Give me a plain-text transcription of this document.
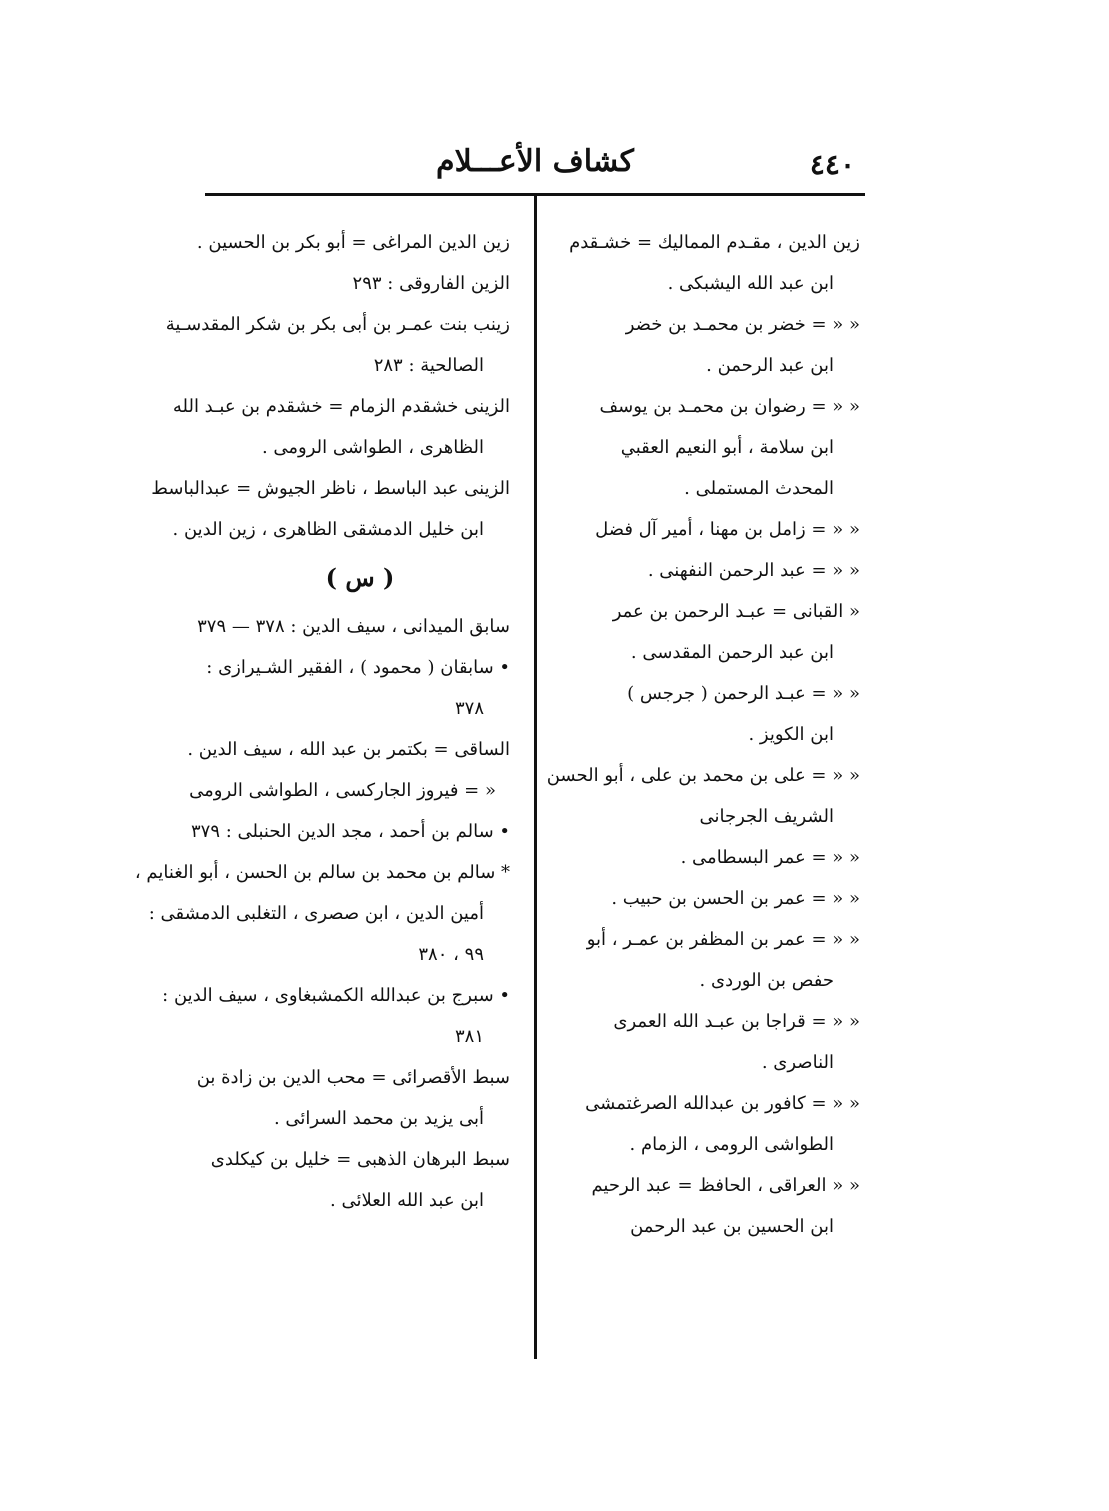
٤٤٠
كشاف الأعـــلام
زين الدين ، مقـدم المماليك = خشـقدم
ابن عبد الله اليشبكى .
« « = خضر بن محمـد بن خضر
ابن عبد الرحمن .
« « = رضوان بن محمـد بن يوسف
ابن سلامة ، أبو النعيم العقبي
المحدث المستملى .
« « = زامل بن مهنا ، أمير آل فضل
« « = عبد الرحمن النفهنى .
« القبانى = عبـد الرحمن بن عمر
ابن عبد الرحمن المقدسى .
« « = عبـد الرحمن ( جرجس )
ابن الكويز .
« « = على بن محمد بن على ، أبو الحسن
الشريف الجرجانى
« « = عمر البسطامى .
« « = عمر بن الحسن بن حبيب .
« « = عمر بن المظفر بن عمـر ، أبو
حفص بن الوردى .
« « = قراجا بن عبـد الله العمرى
الناصرى .
« « = كافور بن عبدالله الصرغتمشى
الطواشى الرومى ، الزمام .
« « العراقى ، الحافظ = عبد الرحيم
ابن الحسين بن عبد الرحمن
زين الدين المراغى = أبو بكر بن الحسين .
الزين الفاروقى : ٢٩٣
زينب بنت عمـر بن أبى بكر بن شكر المقدسـية
الصالحية : ٢٨٣
الزينى خشقدم الزمام = خشقدم بن عبـد الله
الظاهرى ، الطواشى الرومى .
الزينى عبد الباسط ، ناظر الجيوش = عبدالباسط
ابن خليل الدمشقى الظاهرى ، زين الدين .
( س )
سابق الميدانى ، سيف الدين : ٣٧٨ — ٣٧٩
• سابقان ( محمود ) ، الفقير الشـيرازى :
٣٧٨
الساقى = بكتمر بن عبد الله ، سيف الدين .
« = فيروز الجاركسى ، الطواشى الرومى
• سالم بن أحمد ، مجد الدين الحنبلى : ٣٧٩
* سالم بن محمد بن سالم بن الحسن ، أبو الغنايم ،
أمين الدين ، ابن صصرى ، التغلبى الدمشقى :
٩٩ ، ٣٨٠
• سبرج بن عبدالله الكمشبغاوى ، سيف الدين :
٣٨١
سبط الأقصرائى = محب الدين بن زادة بن
أبى يزيد بن محمد السرائى .
سبط البرهان الذهبى = خليل بن كيكلدى
ابن عبد الله العلائى .
